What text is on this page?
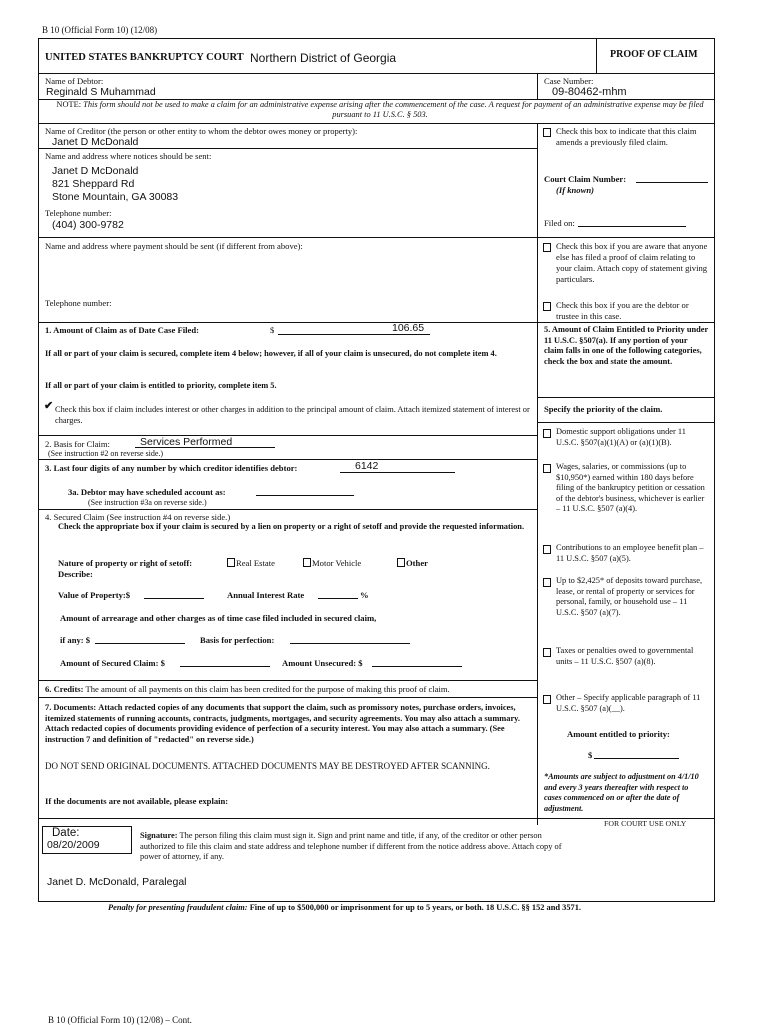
B 10 (Official Form 10) (12/08)
UNITED STATES BANKRUPTCY COURT Northern District of Georgia	PROOF OF CLAIM
Name of Debtor:
Reginald S Muhammad
Case Number:
09-80462-mhm
NOTE: This form should not be used to make a claim for an administrative expense arising after the commencement of the case. A request for payment of an administrative expense may be filed pursuant to 11 U.S.C. § 503.
Name of Creditor (the person or other entity to whom the debtor owes money or property):
Janet D McDonald
Name and address where notices should be sent:
Janet D McDonald
821 Sheppard Rd
Stone Mountain, GA 30083
Telephone number:
(404) 300-9782
Name and address where payment should be sent (if different from above):
Telephone number:
Check this box to indicate that this claim amends a previously filed claim.
Court Claim Number:
(If known)
Filed on:
Check this box if you are aware that anyone else has filed a proof of claim relating to your claim. Attach copy of statement giving particulars.
Check this box if you are the debtor or trustee in this case.
1. Amount of Claim as of Date Case Filed:	$	106.65
If all or part of your claim is secured, complete item 4 below; however, if all of your claim is unsecured, do not complete item 4.
If all or part of your claim is entitled to priority, complete item 5.
✔ Check this box if claim includes interest or other charges in addition to the principal amount of claim. Attach itemized statement of interest or charges.
2. Basis for Claim:	Services Performed
(See instruction #2 on reverse side.)
3. Last four digits of any number by which creditor identifies debtor:	6142
3a. Debtor may have scheduled account as:
(See instruction #3a on reverse side.)
4. Secured Claim (See instruction #4 on reverse side.)
Check the appropriate box if your claim is secured by a lien on property or a right of setoff and provide the requested information.
Nature of property or right of setoff:	Real Estate	Motor Vehicle	Other
Describe:
Value of Property:$	Annual Interest Rate	%
Amount of arrearage and other charges as of time case filed included in secured claim,
if any: $	Basis for perfection:
Amount of Secured Claim: $	Amount Unsecured: $
6. Credits: The amount of all payments on this claim has been credited for the purpose of making this proof of claim.
7. Documents: Attach redacted copies of any documents that support the claim, such as promissory notes, purchase orders, invoices, itemized statements of running accounts, contracts, judgments, mortgages, and security agreements. You may also attach a summary. Attach redacted copies of documents providing evidence of perfection of a security interest. You may also attach a summary. (See instruction 7 and definition of "redacted" on reverse side.)
DO NOT SEND ORIGINAL DOCUMENTS. ATTACHED DOCUMENTS MAY BE DESTROYED AFTER SCANNING.
If the documents are not available, please explain:
5. Amount of Claim Entitled to Priority under 11 U.S.C. §507(a). If any portion of your claim falls in one of the following categories, check the box and state the amount.
Specify the priority of the claim.
Domestic support obligations under 11 U.S.C. §507(a)(1)(A) or (a)(1)(B).
Wages, salaries, or commissions (up to $10,950*) earned within 180 days before filing of the bankruptcy petition or cessation of the debtor's business, whichever is earlier – 11 U.S.C. §507 (a)(4).
Contributions to an employee benefit plan – 11 U.S.C. §507 (a)(5).
Up to $2,425* of deposits toward purchase, lease, or rental of property or services for personal, family, or household use – 11 U.S.C. §507 (a)(7).
Taxes or penalties owed to governmental units – 11 U.S.C. §507 (a)(8).
Other – Specify applicable paragraph of 11 U.S.C. §507 (a)(__).
Amount entitled to priority:
$
*Amounts are subject to adjustment on 4/1/10 and every 3 years thereafter with respect to cases commenced on or after the date of adjustment.
FOR COURT USE ONLY
Date:
08/20/2009
Signature: The person filing this claim must sign it. Sign and print name and title, if any, of the creditor or other person authorized to file this claim and state address and telephone number if different from the notice address above. Attach copy of power of attorney, if any.
Janet D. McDonald, Paralegal
Penalty for presenting fraudulent claim: Fine of up to $500,000 or imprisonment for up to 5 years, or both. 18 U.S.C. §§ 152 and 3571.
B 10 (Official Form 10) (12/08) – Cont.
